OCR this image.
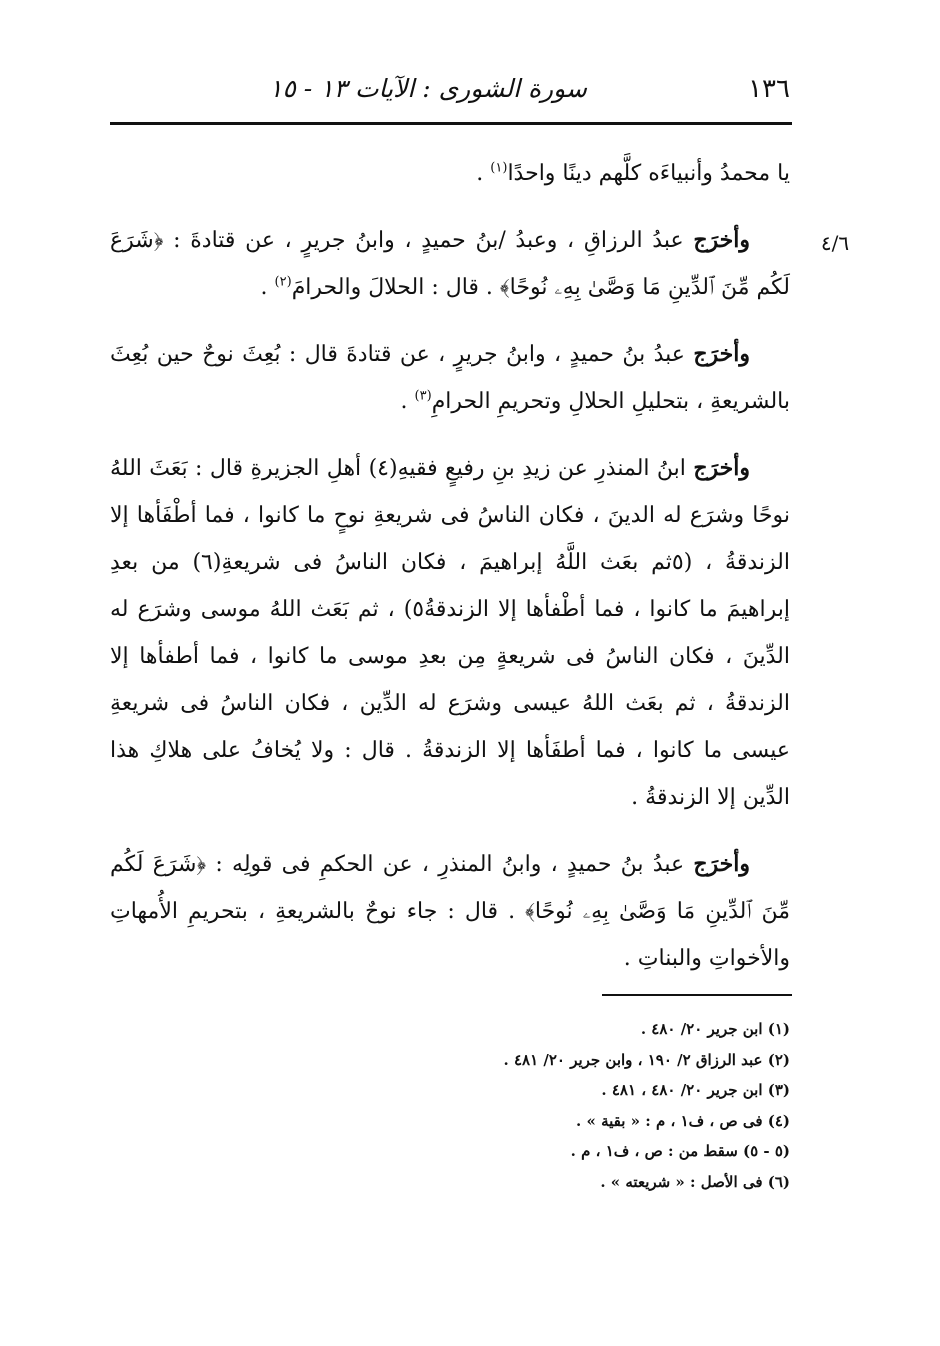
١٣٦
سورة الشورى : الآيات ١٣ - ١٥
٤/٦

يا محمدُ وأنبياءَه كلَّهم دينًا واحدًا$^{(١)}$ .

وأخرَج عبدُ الرزاقِ ، وعبدُ /بنُ حميدٍ ، وابنُ جريرٍ ، عن قتادةَ : ﴿شَرَعَ لَكُم مِّنَ ٱلدِّينِ مَا وَصَّىٰ بِهِۦ نُوحًا﴾ . قال : الحلالَ والحرامَ$^{(٢)}$ .

وأخرَج عبدُ بنُ حميدٍ ، وابنُ جريرٍ ، عن قتادةَ قال : بُعِثَ نوحٌ حين بُعِثَ بالشريعةِ ، بتحليلِ الحلالِ وتحريمِ الحرامِ$^{(٣)}$ .

وأخرَج ابنُ المنذرِ عن زيدِ بنِ رفيعٍ فقيهِ(٤) أهلِ الجزيرةِ قال : بَعَثَ اللهُ نوحًا وشرَع له الدينَ ، فكان الناسُ فى شريعةِ نوحٍ ما كانوا ، فما أطْفَأها إلا الزندقةُ ، (٥ثم بعَث اللَّهُ إبراهيمَ ، فكان الناسُ فى شريعةِ(٦) من بعدِ إبراهيمَ ما كانوا ، فما أطْفأها إلا الزندقةُ٥) ، ثم بَعَث اللهُ موسى وشرَع له الدِّينَ ، فكان الناسُ فى شريعةٍ مِن بعدِ موسى ما كانوا ، فما أطفأها إلا الزندقةُ ، ثم بعَث اللهُ عيسى وشرَع له الدِّين ، فكان الناسُ فى شريعةِ عيسى ما كانوا ، فما أطفَأها إلا الزندقةُ . قال : ولا يُخافُ على هلاكِ هذا الدِّين إلا الزندقةُ .

وأخرَج عبدُ بنُ حميدٍ ، وابنُ المنذرِ ، عن الحكمِ فى قولِه : ﴿شَرَعَ لَكُم مِّنَ ٱلدِّينِ مَا وَصَّىٰ بِهِۦ نُوحًا﴾ . قال : جاء نوحٌ بالشريعةِ ، بتحريمِ الأُمهاتِ والأخواتِ والبناتِ .

(١) ابن جرير ٢٠/ ٤٨٠ .
(٢) عبد الرزاق ٢/ ١٩٠ ، وابن جرير ٢٠/ ٤٨١ .
(٣) ابن جرير ٢٠/ ٤٨٠ ، ٤٨١ .
(٤) فى ص ، ف١ ، م : « بقية » .
(٥ - ٥) سقط من : ص ، ف١ ، م .
(٦) فى الأصل : « شريعته » .
